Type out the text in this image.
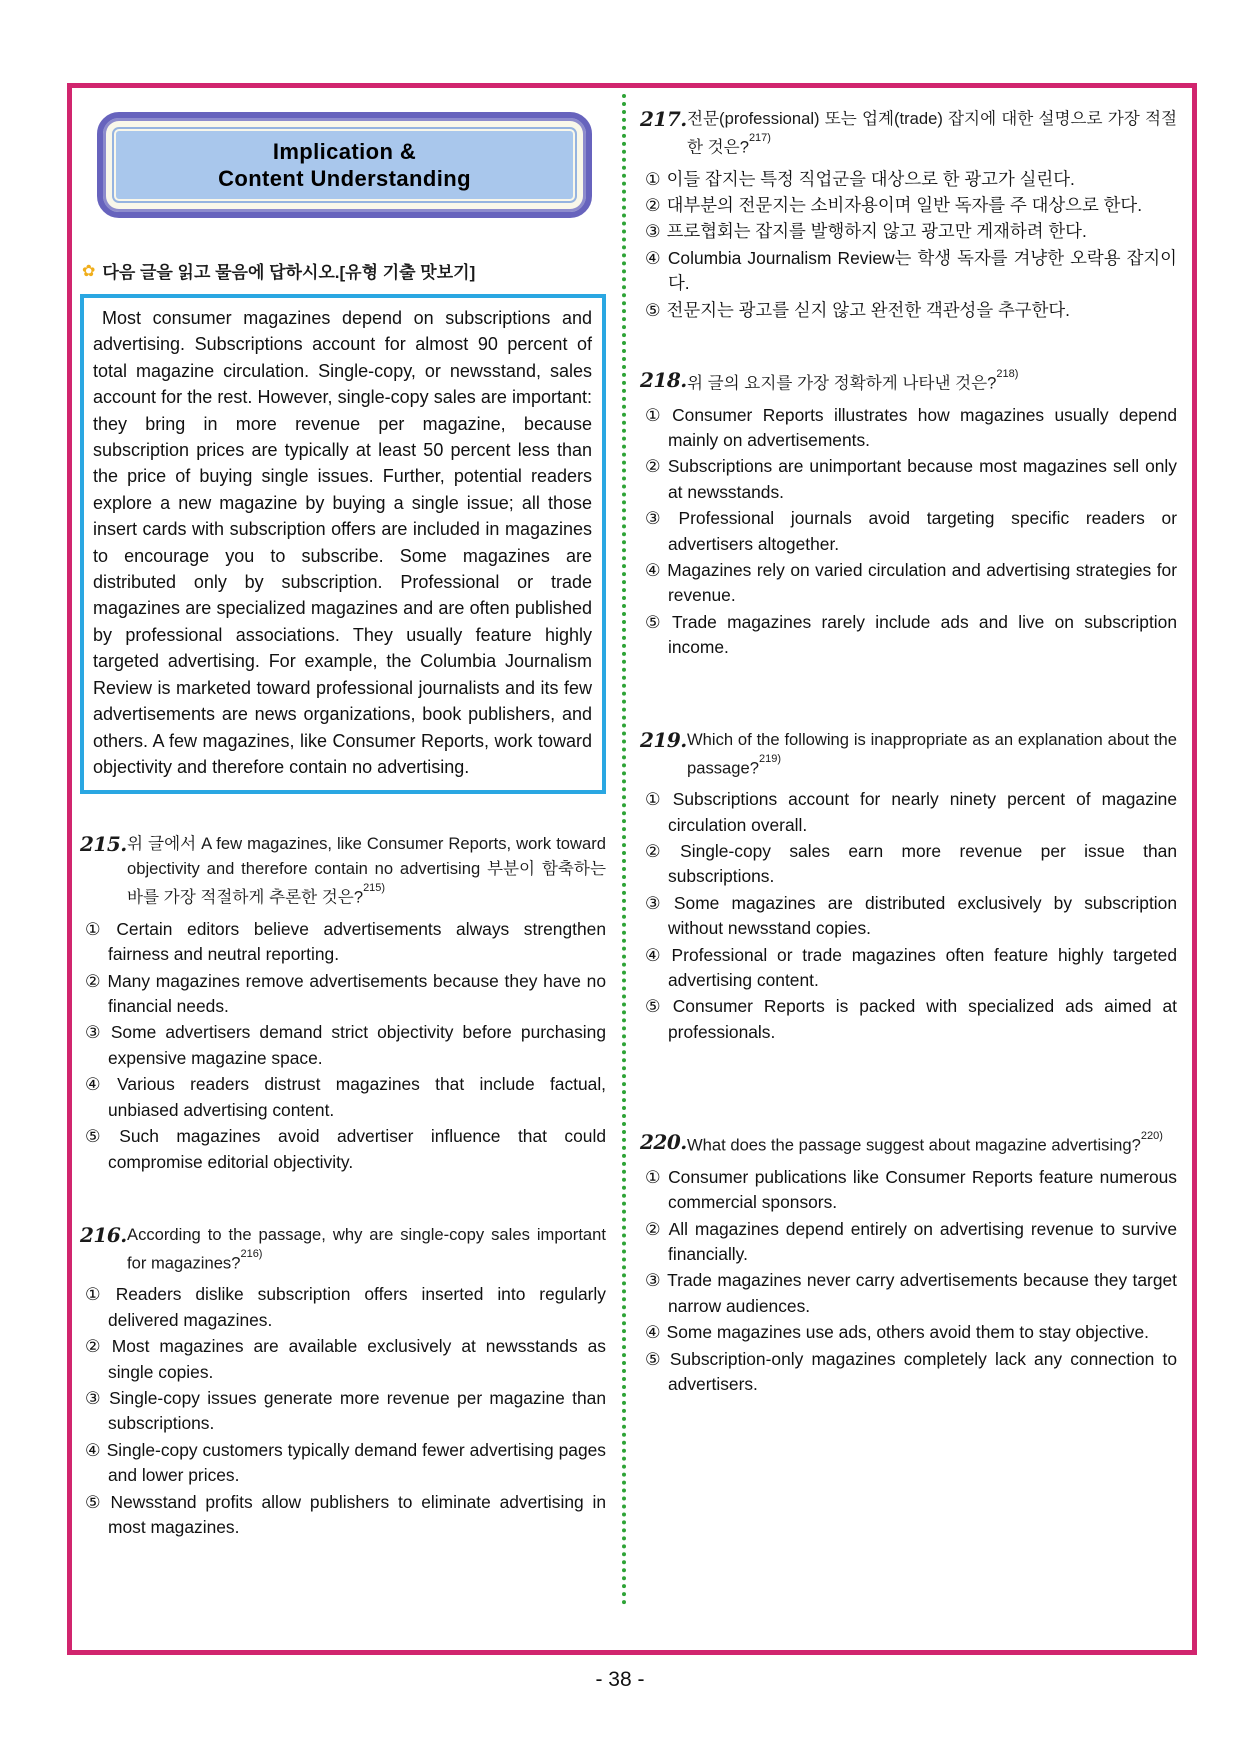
Implication &
Content Understanding
✿ 다음 글을 읽고 물음에 답하시오.[유형 기출 맛보기]

Most consumer magazines depend on subscriptions and advertising. Subscriptions account for almost 90 percent of total magazine circulation. Single-copy, or newsstand, sales account for the rest. However, single-copy sales are important: they bring in more revenue per magazine, because subscription prices are typically at least 50 percent less than the price of buying single issues. Further, potential readers explore a new magazine by buying a single issue; all those insert cards with subscription offers are included in magazines to encourage you to subscribe. Some magazines are distributed only by subscription. Professional or trade magazines are specialized magazines and are often published by professional associations. They usually feature highly targeted advertising. For example, the Columbia Journalism Review is marketed toward professional journalists and its few advertisements are news organizations, book publishers, and others. A few magazines, like Consumer Reports, work toward objectivity and therefore contain no advertising.

215. 위 글에서 A few magazines, like Consumer Reports, work toward objectivity and therefore contain no advertising 부분이 함축하는 바를 가장 적절하게 추론한 것은?$^{215)}$
① Certain editors believe advertisements always strengthen fairness and neutral reporting.
② Many magazines remove advertisements because they have no financial needs.
③ Some advertisers demand strict objectivity before purchasing expensive magazine space.
④ Various readers distrust magazines that include factual, unbiased advertising content.
⑤ Such magazines avoid advertiser influence that could compromise editorial objectivity.
216. According to the passage, why are single-copy sales important for magazines?$^{216)}$
① Readers dislike subscription offers inserted into regularly delivered magazines.
② Most magazines are available exclusively at newsstands as single copies.
③ Single-copy issues generate more revenue per magazine than subscriptions.
④ Single-copy customers typically demand fewer advertising pages and lower prices.
⑤ Newsstand profits allow publishers to eliminate advertising in most magazines.
217. 전문(professional) 또는 업계(trade) 잡지에 대한 설명으로 가장 적절한 것은?$^{217)}$
① 이들 잡지는 특정 직업군을 대상으로 한 광고가 실린다.
② 대부분의 전문지는 소비자용이며 일반 독자를 주 대상으로 한다.
③ 프로협회는 잡지를 발행하지 않고 광고만 게재하려 한다.
④ Columbia Journalism Review는 학생 독자를 겨냥한 오락용 잡지이다.
⑤ 전문지는 광고를 싣지 않고 완전한 객관성을 추구한다.
218. 위 글의 요지를 가장 정확하게 나타낸 것은?$^{218)}$
① Consumer Reports illustrates how magazines usually depend mainly on advertisements.
② Subscriptions are unimportant because most magazines sell only at newsstands.
③ Professional journals avoid targeting specific readers or advertisers altogether.
④ Magazines rely on varied circulation and advertising strategies for revenue.
⑤ Trade magazines rarely include ads and live on subscription income.
219. Which of the following is inappropriate as an explanation about the passage?$^{219)}$
① Subscriptions account for nearly ninety percent of magazine circulation overall.
② Single-copy sales earn more revenue per issue than subscriptions.
③ Some magazines are distributed exclusively by subscription without newsstand copies.
④ Professional or trade magazines often feature highly targeted advertising content.
⑤ Consumer Reports is packed with specialized ads aimed at professionals.
220. What does the passage suggest about magazine advertising?$^{220)}$
① Consumer publications like Consumer Reports feature numerous commercial sponsors.
② All magazines depend entirely on advertising revenue to survive financially.
③ Trade magazines never carry advertisements because they target narrow audiences.
④ Some magazines use ads, others avoid them to stay objective.
⑤ Subscription-only magazines completely lack any connection to advertisers.
- 38 -
